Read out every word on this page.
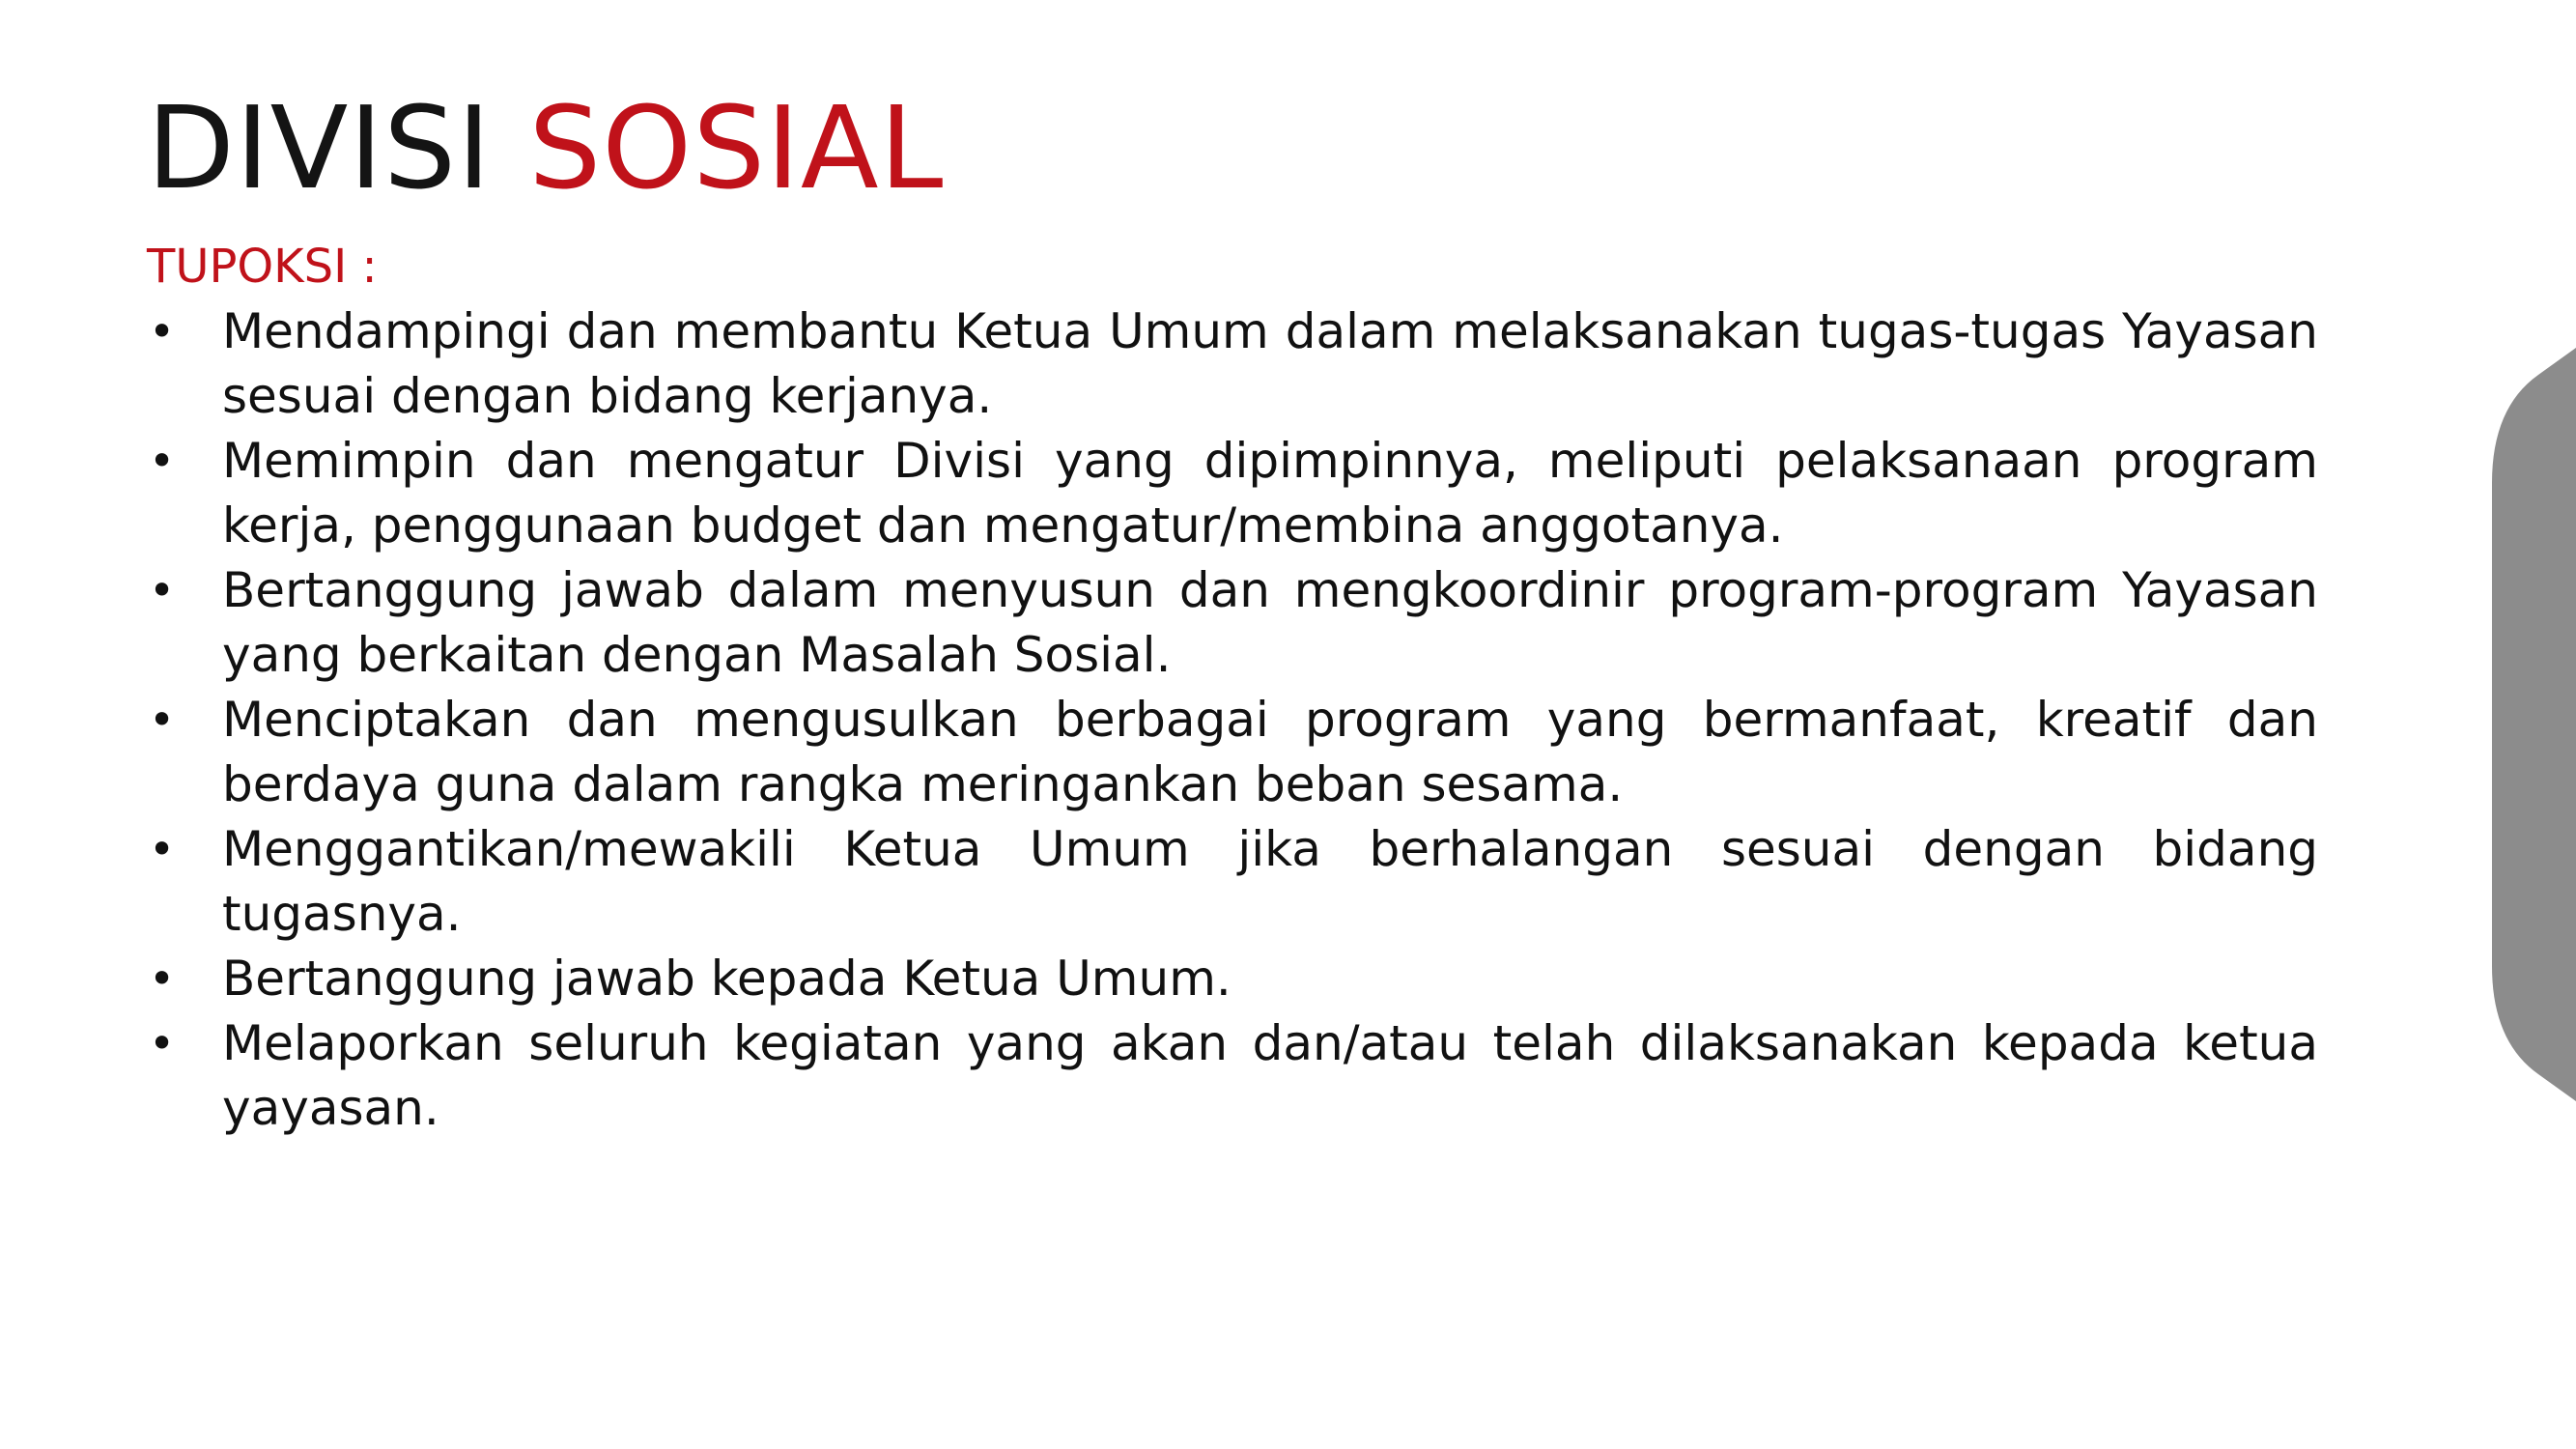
DIVISI SOSIAL

TUPOKSI :

• Mendampingi dan membantu Ketua Umum dalam melaksanakan tugas-tugas Yayasan sesuai dengan bidang kerjanya.
• Memimpin dan mengatur Divisi yang dipimpinnya, meliputi pelaksanaan program kerja, penggunaan budget dan mengatur/membina anggotanya.
• Bertanggung jawab dalam menyusun dan mengkoordinir program-program Yayasan yang berkaitan dengan Masalah Sosial.
• Menciptakan dan mengusulkan berbagai program yang bermanfaat, kreatif dan berdaya guna dalam rangka meringankan beban sesama.
• Menggantikan/mewakili Ketua Umum jika berhalangan sesuai dengan bidang tugasnya.
• Bertanggung jawab kepada Ketua Umum.
• Melaporkan seluruh kegiatan yang akan dan/atau telah dilaksanakan kepada ketua yayasan.
